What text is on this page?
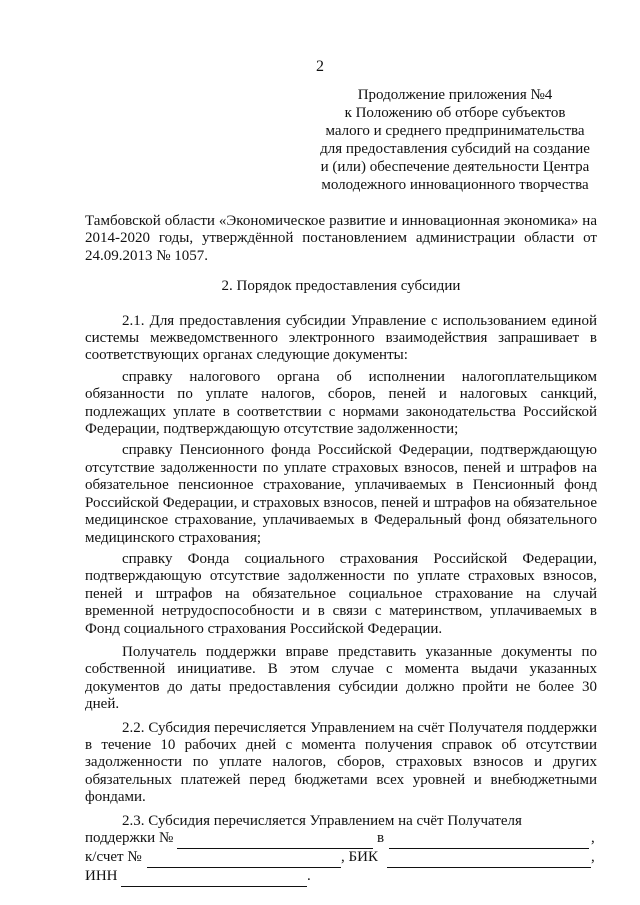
2
Продолжение приложения №4
к Положению об отборе субъектов
малого и среднего предпринимательства
для предоставления субсидий на создание
и (или) обеспечение деятельности Центра
молодежного инновационного творчества

Тамбовской области «Экономическое развитие и инновационная экономика» на 2014-2020 годы, утверждённой постановлением администрации области от 24.09.2013 № 1057.

2. Порядок предоставления субсидии

2.1. Для предоставления субсидии Управление с использованием единой системы межведомственного электронного взаимодействия запрашивает в соответствующих органах следующие документы:

справку налогового органа об исполнении налогоплательщиком обязанности по уплате налогов, сборов, пеней и налоговых санкций, подлежащих уплате в соответствии с нормами законодательства Российской Федерации, подтверждающую отсутствие задолженности;

справку Пенсионного фонда Российской Федерации, подтверждающую отсутствие задолженности по уплате страховых взносов, пеней и штрафов на обязательное пенсионное страхование, уплачиваемых в Пенсионный фонд Российской Федерации, и страховых взносов, пеней и штрафов на обязательное медицинское страхование, уплачиваемых в Федеральный фонд обязательного медицинского страхования;

справку Фонда социального страхования Российской Федерации, подтверждающую отсутствие задолженности по уплате страховых взносов, пеней и штрафов на обязательное социальное страхование на случай временной нетрудоспособности и в связи с материнством, уплачиваемых в Фонд социального страхования Российской Федерации.

Получатель поддержки вправе представить указанные документы по собственной инициативе. В этом случае с момента выдачи указанных документов до даты предоставления субсидии должно пройти не более 30 дней.

2.2. Субсидия перечисляется Управлением на счёт Получателя поддержки в течение 10 рабочих дней с момента получения справок об отсутствии задолженности по уплате налогов, сборов, страховых взносов и других обязательных платежей перед бюджетами всех уровней и внебюджетными фондами.

2.3. Субсидия перечисляется Управлением на счёт Получателя

поддержки №	в	,
к/счет №	, БИК	,
ИНН	.
